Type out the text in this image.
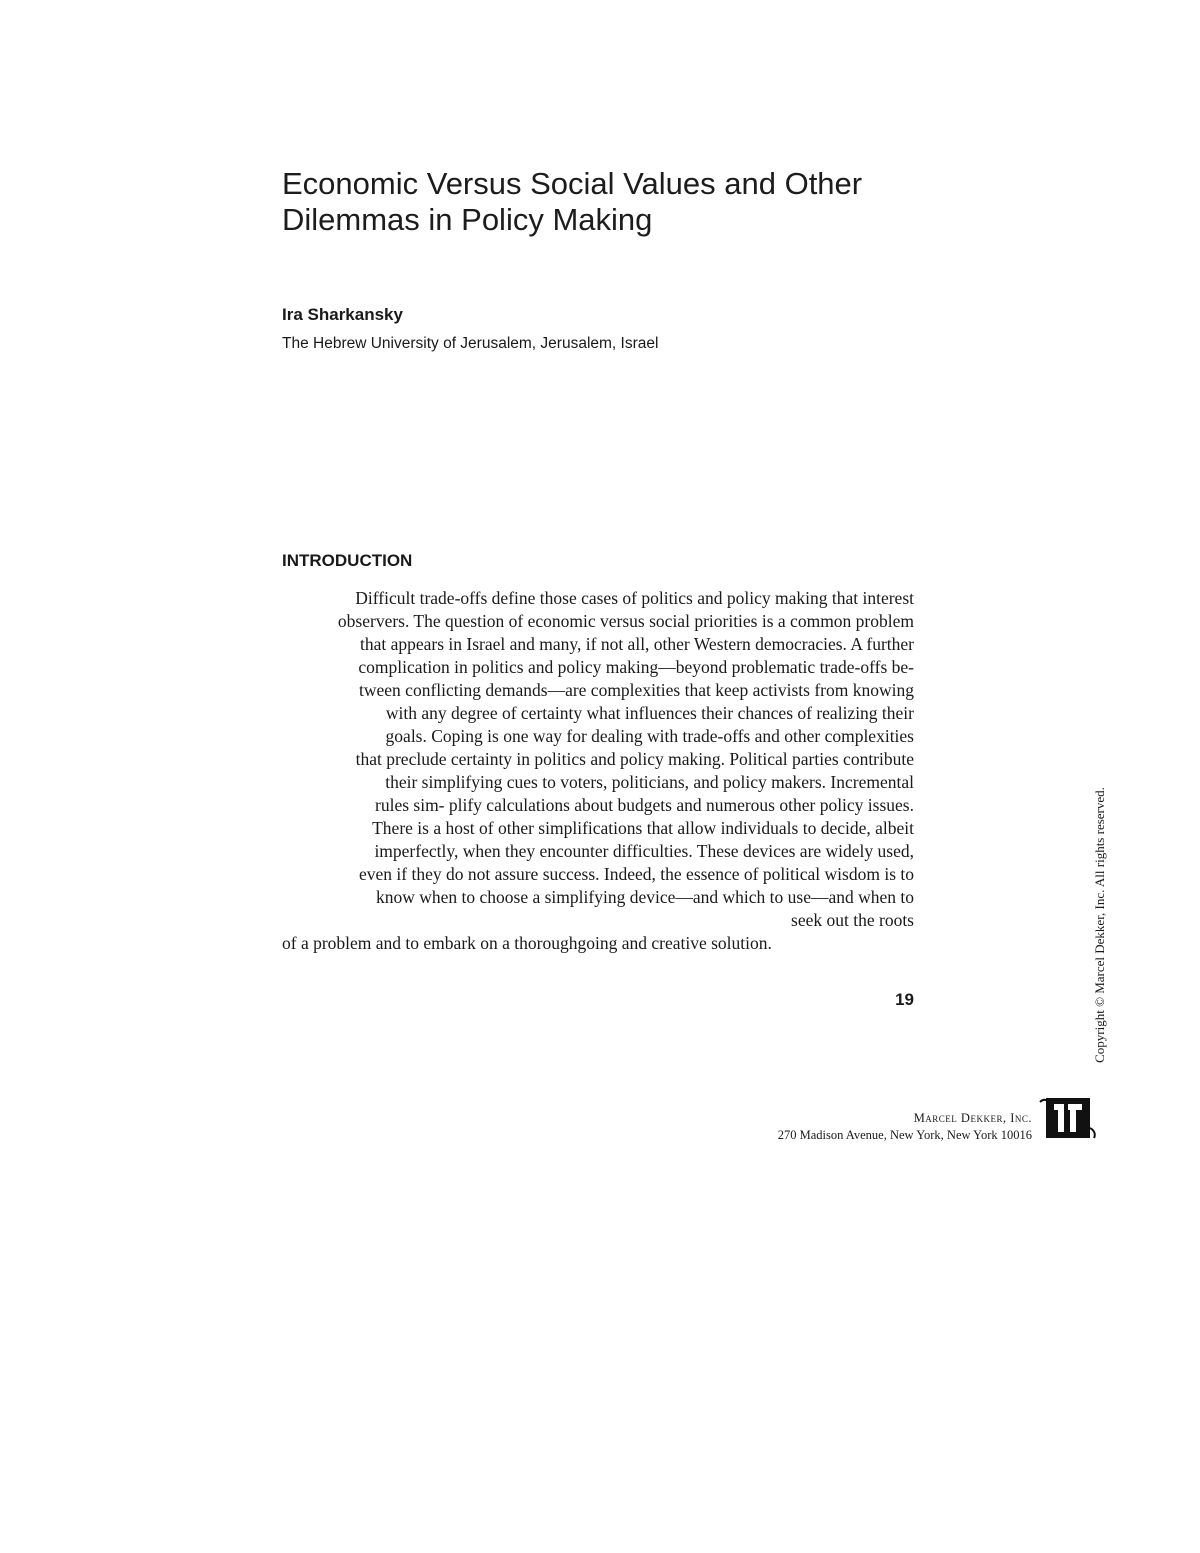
Economic Versus Social Values and Other
Dilemmas in Policy Making

Ira Sharkansky

The Hebrew University of Jerusalem, Jerusalem, Israel

INTRODUCTION
Difficult trade-offs define those cases of politics and policy making that interest
observers. The question of economic versus social priorities is a common problem
that appears in Israel and many, if not all, other Western democracies. A further
complication in politics and policy making—beyond problematic trade-offs be-
tween conflicting demands—are complexities that keep activists from knowing
with any degree of certainty what influences their chances of realizing their
goals. Coping is one way for dealing with trade-offs and other complexities
that preclude certainty in politics and policy making. Political parties contribute
their simplifying cues to voters, politicians, and policy makers. Incremental
rules sim- plify calculations about budgets and numerous other policy issues.
There is a host of other simplifications that allow individuals to decide, albeit
imperfectly, when they encounter difficulties. These devices are widely used,
even if they do not assure success. Indeed, the essence of political wisdom is to
know when to choose a simplifying device—and which to use—and when to
seek out the roots
of a problem and to embark on a thoroughgoing and creative solution.
19	Copyright © Marcel Dekker, Inc. All rights reserved.
Marcel Dekker, Inc.
270 Madison Avenue, New York, New York 10016
